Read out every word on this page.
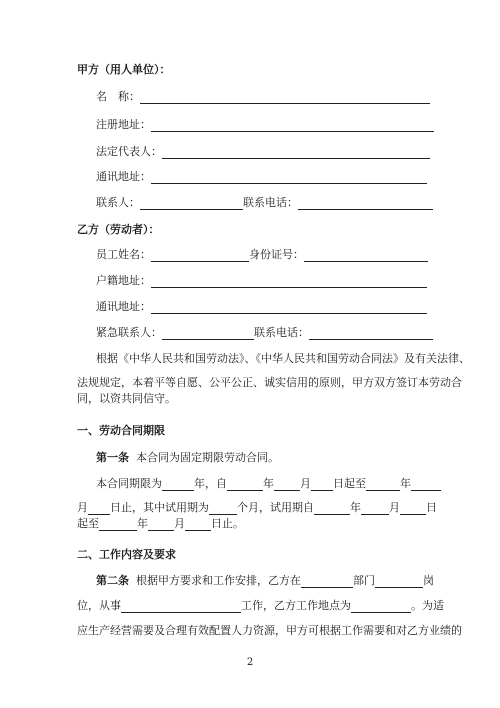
甲方（用人单位）：
名　称：
注册地址：
法定代表人：
通讯地址：
联系人：	联系电话：
乙方（劳动者）：
员工姓名：	身份证号：
户籍地址：
通讯地址：
紧急联系人：	联系电话：
根据《中华人民共和国劳动法》、《中华人民共和国劳动合同法》及有关法律、
法规规定，本着平等自愿、公平公正、诚实信用的原则，甲方双方签订本劳动合
同，以资共同信守。
一、劳动合同期限
第一条 本合同为固定期限劳动合同。
本合同期限为	年，自	年 月 日起至	年
月 日止，其中试用期为	个月，试用期自	年	月 日
起至	年 月 日止。
二、工作内容及要求
第二条 根据甲方要求和工作安排，乙方在	部门	岗
位，从事	工作，乙方工作地点为	。为适
应生产经营需要及合理有效配置人力资源，甲方可根据工作需要和对乙方业绩的
2
